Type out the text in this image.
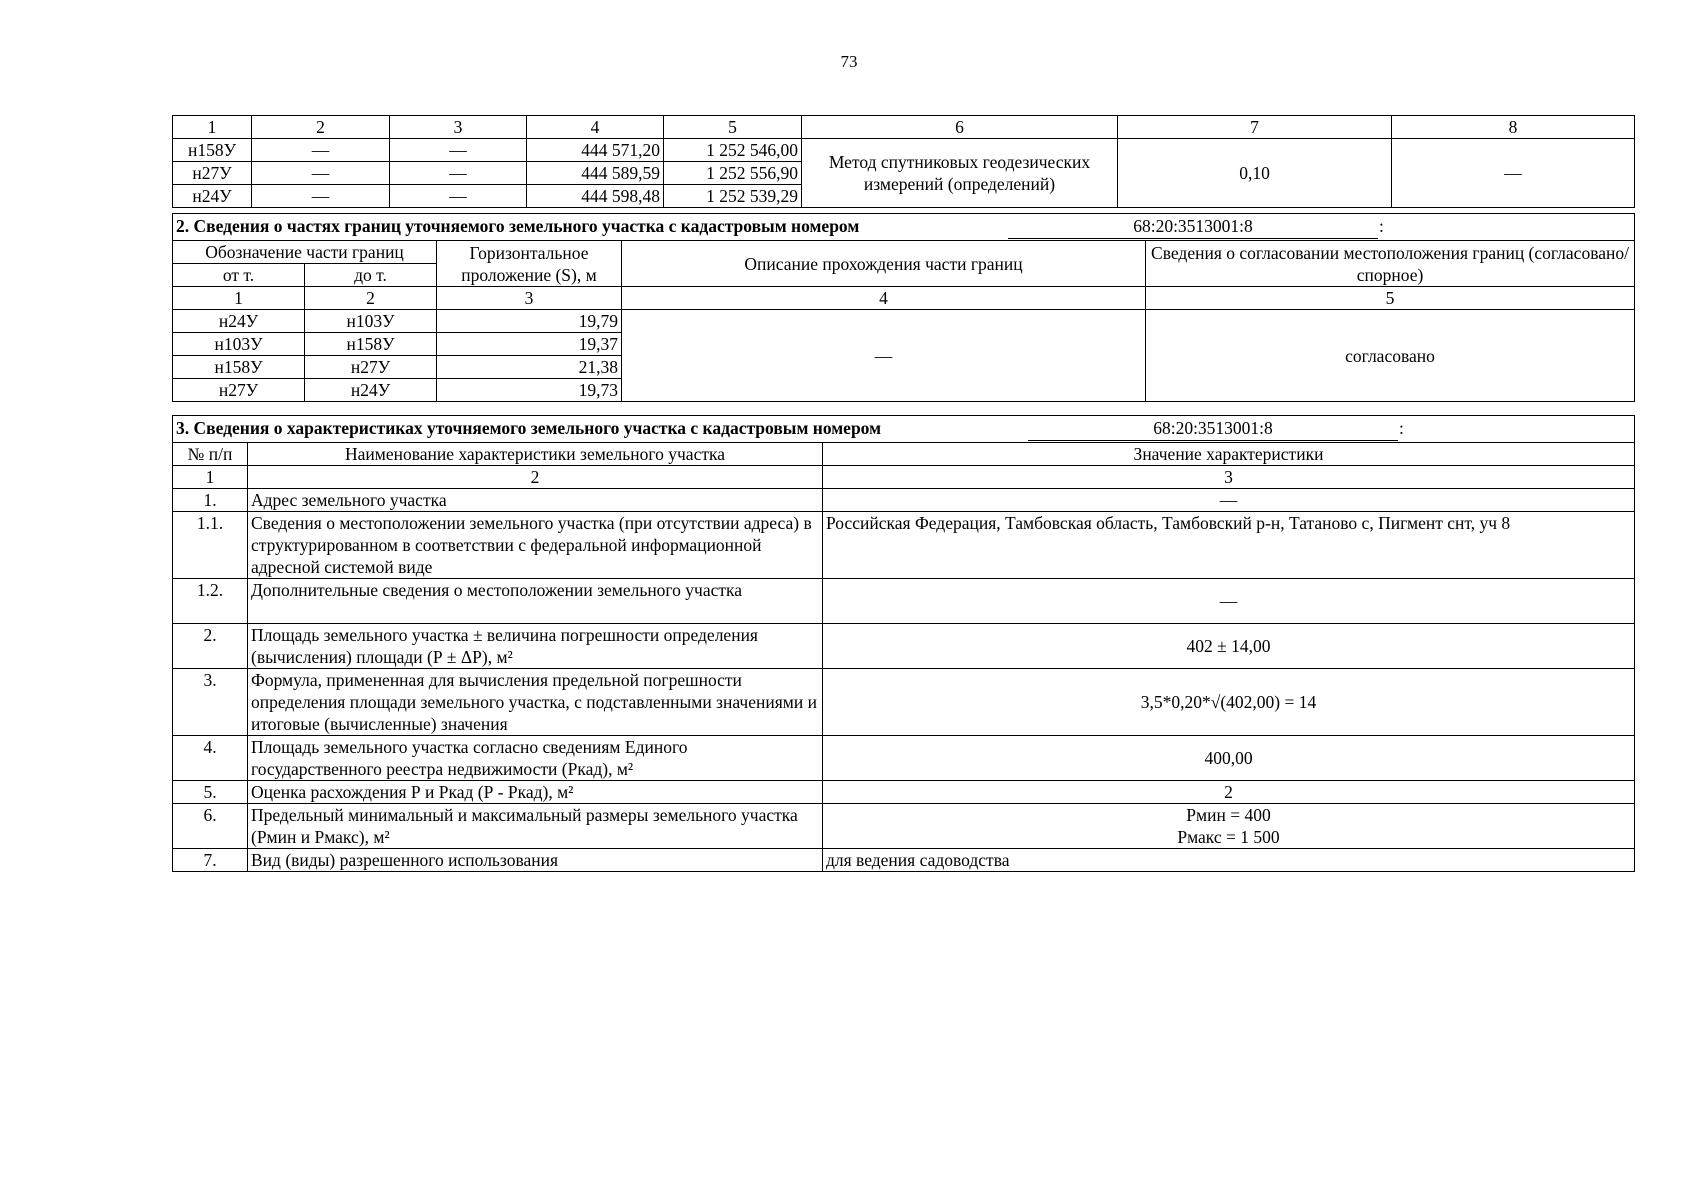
73
1	2	3	4	5	6	7	8
н158У	—	—	444 571,20	1 252 546,00	Метод спутниковых геодезических измерений (определений)	0,10	—
н27У	—	—	444 589,59	1 252 556,90			
н24У	—	—	444 598,48	1 252 539,29			
2. Сведения о частях границ уточняемого земельного участка с кадастровым номером 68:20:3513001:8 :				

Обозначение части границ		Горизонтальное проложение (S), м	Описание прохождения части границ	Сведения о согласовании местоположения границ (согласовано/спорное)
от т.	до т.			
1	2	3	4	5
н24У	н103У	19,79	—	согласовано
н103У	н158У	19,37		
н158У	н27У	21,38		
н27У	н24У	19,73		
3. Сведения о характеристиках уточняемого земельного участка с кадастровым номером 68:20:3513001:8 :		

№ п/п	Наименование характеристики земельного участка	Значение характеристики
1	2	3
1.	Адрес земельного участка	—
1.1.	Сведения о местоположении земельного участка (при отсутствии адреса) в структурированном в соответствии с федеральной информационной адресной системой виде	Российская Федерация, Тамбовская область, Тамбовский р-н, Татаново с, Пигмент снт, уч 8
1.2.	Дополнительные сведения о местоположении земельного участка	—
2.	Площадь земельного участка ± величина погрешности определения (вычисления) площади (Р ± ΔР), м²	402 ± 14,00
3.	Формула, примененная для вычисления предельной погрешности определения площади земельного участка, с подставленными значениями и итоговые (вычисленные) значения	3,5*0,20*√(402,00) = 14
4.	Площадь земельного участка согласно сведениям Единого государственного реестра недвижимости (Ркад), м²	400,00
5.	Оценка расхождения Р и Ркад (Р - Ркад), м²	2
6.	Предельный минимальный и максимальный размеры земельного участка (Рмин и Рмакс), м²	Рмин = 400
Рмакс = 1 500

7.	Вид (виды) разрешенного использования	для ведения садоводства
